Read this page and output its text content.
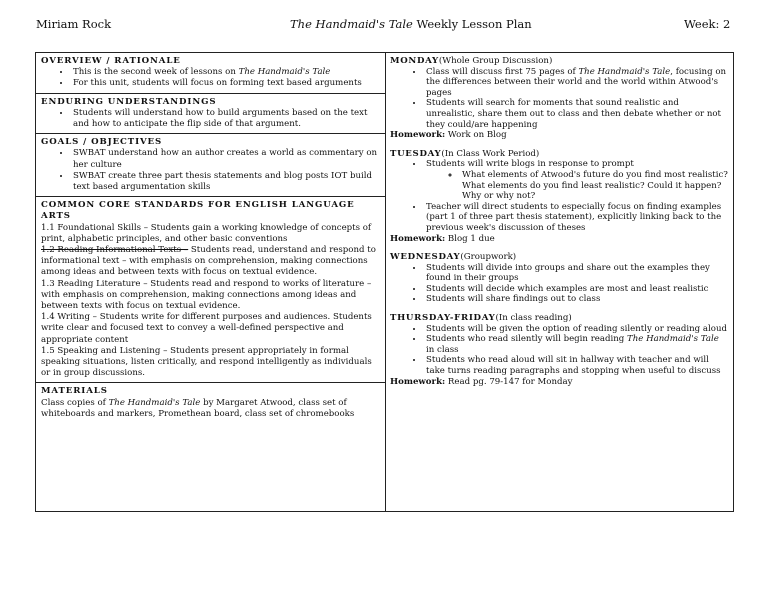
Miriam Rock	The Handmaid's Tale Weekly Lesson Plan	Week: 2
OVERVIEW / RATIONALE
• This is the second week of lessons on The Handmaid's Tale
• For this unit, students will focus on forming text based arguments
ENDURING UNDERSTANDINGS
• Students will understand how to build arguments based on the text and how to anticipate the flip side of that argument.
GOALS / OBJECTIVES
• SWBAT understand how an author creates a world as commentary on her culture
• SWBAT create three part thesis statements and blog posts IOT build text based argumentation skills
COMMON CORE STANDARDS FOR ENGLISH LANGUAGE ARTS

1.1 Foundational Skills – Students gain a working knowledge of concepts of print, alphabetic principles, and other basic conventions

1.2 Reading Informational Texts – Students read, understand and respond to informational text – with emphasis on comprehension, making connections among ideas and between texts with focus on textual evidence.

1.3 Reading Literature – Students read and respond to works of literature – with emphasis on comprehension, making connections among ideas and between texts with focus on textual evidence.

1.4 Writing – Students write for different purposes and audiences. Students write clear and focused text to convey a well-defined perspective and appropriate content

1.5 Speaking and Listening – Students present appropriately in formal speaking situations, listen critically, and respond intelligently as individuals or in group discussions.

MATERIALS
Class copies of The Handmaid's Tale by Margaret Atwood, class set of whiteboards and markers, Promethean board, class set of chromebooks
MONDAY(Whole Group Discussion)
• Class will discuss first 75 pages of The Handmaid's Tale, focusing on the differences between their world and the world within Atwood's pages
• Students will search for moments that sound realistic and unrealistic, share them out to class and then debate whether or not they could/are happening
Homework: Work on Blog
TUESDAY(In Class Work Period)
• Students will write blogs in response to prompt
◦ What elements of Atwood's future do you find most realistic? What elements do you find least realistic? Could it happen? Why or why not?
• Teacher will direct students to especially focus on finding examples (part 1 of three part thesis statement), explicitly linking back to the previous week's discussion of theses
Homework: Blog 1 due
WEDNESDAY(Groupwork)
• Students will divide into groups and share out the examples they found in their groups
• Students will decide which examples are most and least realistic
• Students will share findings out to class
THURSDAY-FRIDAY(In class reading)
• Students will be given the option of reading silently or reading aloud
• Students who read silently will begin reading The Handmaid's Tale in class
• Students who read aloud will sit in hallway with teacher and will take turns reading paragraphs and stopping when useful to discuss
Homework: Read pg. 79-147 for Monday
